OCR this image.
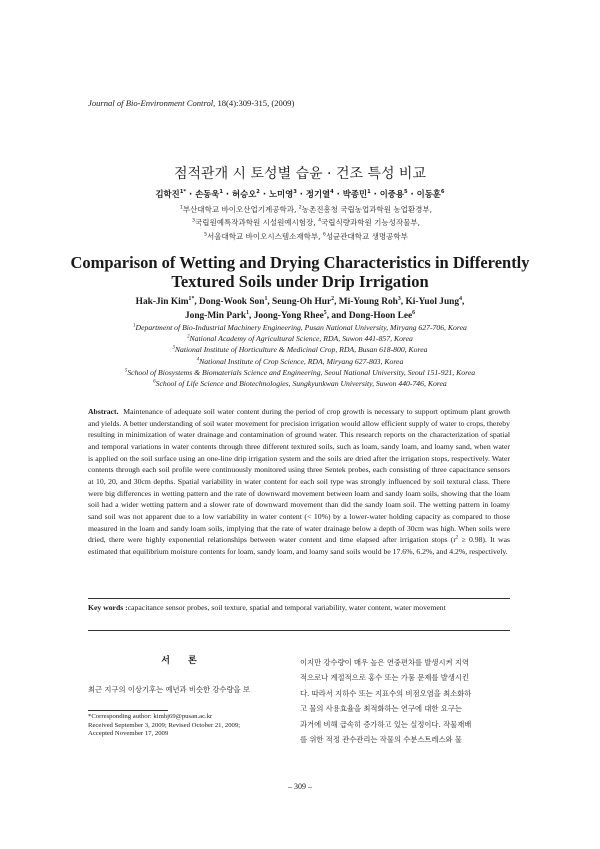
Journal of Bio-Environment Control, 18(4):309-315, (2009)
점적관개 시 토성별 습윤 · 건조 특성 비교
김학진$^{1*}$ · 손동욱$^1$ · 허승오$^2$ · 노미영$^3$ · 정기열$^4$ · 박종민$^1$ · 이중용$^5$ · 이동훈$^6$
$^1$부산대학교 바이오산업기계공학과, $^2$농촌진흥청 국립농업과학원 농업환경부,
$^3$국립원예특작과학원 시설원예시험장, $^4$국립식량과학원 기능성작물부,
$^5$서울대학교 바이오시스템소재학부, $^6$성균관대학교 생명공학부

Comparison of Wetting and Drying Characteristics in Differently
Textured Soils under Drip Irrigation
Hak-Jin Kim$^{1*}$, Dong-Wook Son$^1$, Seung-Oh Hur$^2$, Mi-Young Roh$^3$, Ki-Yuol Jung$^4$,
Jong-Min Park$^1$, Joong-Yong Rhee$^5$, and Dong-Hoon Lee$^6$
$^1$Department of Bio-Industrial Machinery Engineering, Pusan National University, Miryang 627-706, Korea
$^2$National Academy of Agricultural Science, RDA, Suwon 441-857, Korea
$^3$National Institute of Horticulture & Medicinal Crop, RDA, Busan 618-800, Korea
$^4$National Institute of Crop Science, RDA, Miryang 627-803, Korea
$^5$School of Biosystems & Biomaterials Science and Engineering, Seoul National University, Seoul 151-921, Korea
$^6$School of Life Science and Biotechnologies, Sungkyunkwan University, Suwon 440-746, Korea
Abstract. Maintenance of adequate soil water content during the period of crop growth is necessary to support optimum plant growth and yields. A better understanding of soil water movement for precision irrigation would allow efficient supply of water to crops, thereby resulting in minimization of water drainage and contamination of ground water. This research reports on the characterization of spatial and temporal variations in water contents through three different textured soils, such as loam, sandy loam, and loamy sand, when water is applied on the soil surface using an one-line drip irrigation system and the soils are dried after the irrigation stops, respectively. Water contents through each soil profile were continuously monitored using three Sentek probes, each consisting of three capacitance sensors at 10, 20, and 30cm depths. Spatial variability in water content for each soil type was strongly influenced by soil textural class. There were big differences in wetting pattern and the rate of downward movement between loam and sandy loam soils, showing that the loam soil had a wider wetting pattern and a slower rate of downward movement than did the sandy loam soil. The wetting pattern in loamy sand soil was not apparent due to a low variability in water content (< 10%) by a lower-water holding capacity as compared to those measured in the loam and sandy loam soils, implying that the rate of water drainage below a depth of 30cm was high. When soils were dried, there were highly exponential relationships between water content and time elapsed after irrigation stops $(r^2 \ge 0.98)$. It was estimated that equilibrium moisture contents for loam, sandy loam, and loamy sand soils would be 17.6%, 6.2%, and 4.2%, respectively.
Key words : capacitance sensor probes, soil texture, spatial and temporal variability, water content, water movement
서론
최근 지구의 이상기후는 예년과 비슷한 강수량을 보
*Corresponding author: kimhj69@pusan.ac.kr
Received September 3, 2009; Revised October 21, 2009;
Accepted November 17, 2009
이지만 강수량이 매우 높은 연중편차를 발생시켜 지역
적으로나 계절적으로 홍수 또는 가뭄 문제를 발생시킨
다. 따라서 지하수 또는 지표수의 비점오염을 최소화하
고 물의 사용효율을 최적화하는 연구에 대한 요구는
과거에 비해 급속히 증가하고 있는 실정이다. 작물재배
를 위한 적정 관수관리는 작물의 수분스트레스와 물
– 309 –
